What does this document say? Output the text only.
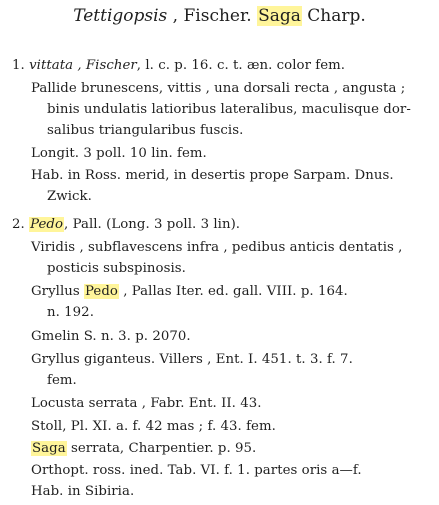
Tettigopsis , Fischer. Saga Charp.
1. vittata , Fischer, l. c. p. 16. c. t. æn. color fem.
Pallide brunescens, vittis , una dorsali recta , angusta ;
binis undulatis latioribus lateralibus, maculisque dor-
salibus triangularibus fuscis.
Longit. 3 poll. 10 lin. fem.
Hab. in Ross. merid, in desertis prope Sarpam. Dnus.
Zwick.
2. Pedo, Pall. (Long. 3 poll. 3 lin).
Viridis , subflavescens infra , pedibus anticis dentatis ,
posticis subspinosis.
Gryllus Pedo , Pallas Iter. ed. gall. VIII. p. 164.
n. 192.
Gmelin S. n. 3. p. 2070.
Gryllus giganteus. Villers , Ent. I. 451. t. 3. f. 7.
fem.
Locusta serrata , Fabr. Ent. II. 43.
Stoll, Pl. XI. a. f. 42 mas ; f. 43. fem.
Saga serrata, Charpentier. p. 95.
Orthopt. ross. ined. Tab. VI. f. 1. partes oris a—f.
Hab. in Sibiria.
